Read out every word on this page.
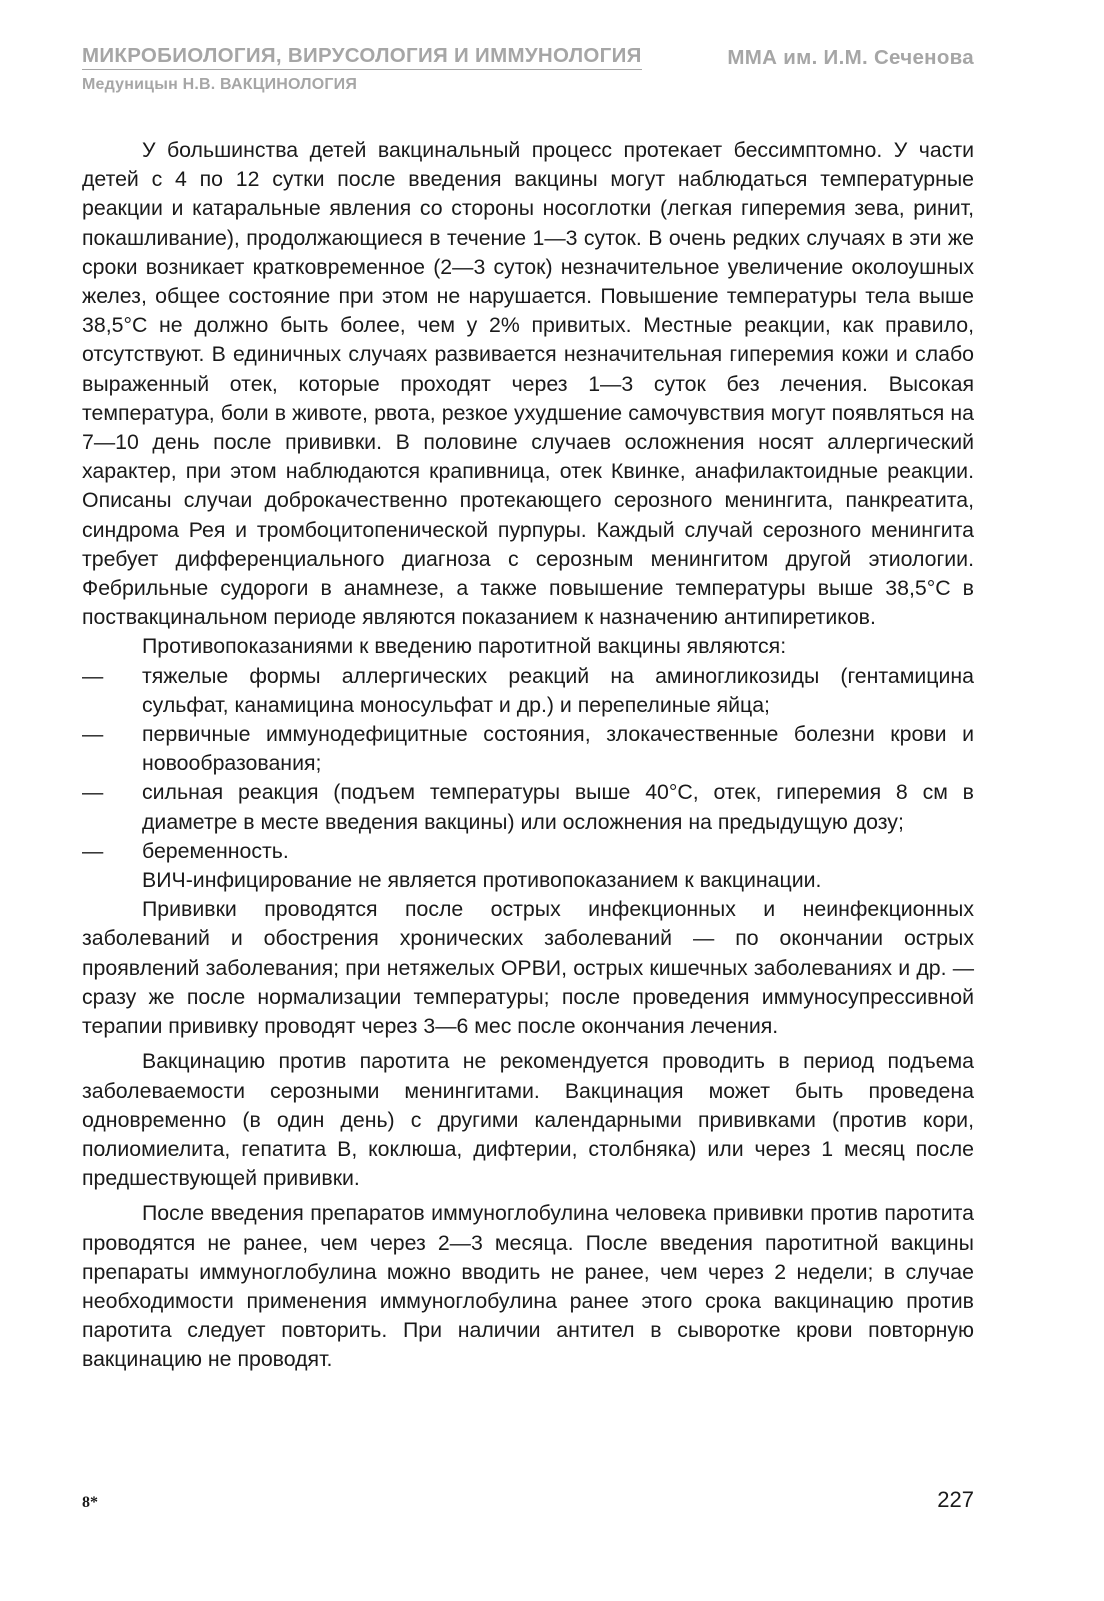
МИКРОБИОЛОГИЯ, ВИРУСОЛОГИЯ И ИММУНОЛОГИЯ	ММА им. И.М. Сеченова
Медуницын Н.В. ВАКЦИНОЛОГИЯ

У большинства детей вакцинальный процесс протекает бессимптомно. У части детей с 4 по 12 сутки после введения вакцины могут наблюдаться температурные реакции и катаральные явления со стороны носоглотки (легкая гиперемия зева, ринит, покашливание), продолжающиеся в течение 1—3 суток. В очень редких случаях в эти же сроки возникает кратковременное (2—3 суток) незначительное увеличение околоушных желез, общее состояние при этом не нарушается. Повышение температуры тела выше 38,5°С не должно быть более, чем у 2% привитых. Местные реакции, как правило, отсутствуют. В единичных случаях развивается незначительная гиперемия кожи и слабо выраженный отек, которые проходят через 1—3 суток без лечения. Высокая температура, боли в животе, рвота, резкое ухудшение самочувствия могут появляться на 7—10 день после прививки. В половине случаев осложнения носят аллергический характер, при этом наблюдаются крапивница, отек Квинке, анафилактоидные реакции. Описаны случаи доброкачественно протекающего серозного менингита, панкреатита, синдрома Рея и тромбоцитопенической пурпуры. Каждый случай серозного менингита требует дифференциального диагноза с серозным менингитом другой этиологии. Фебрильные судороги в анамнезе, а также повышение температуры выше 38,5°С в поствакцинальном периоде являются показанием к назначению антипиретиков.

Противопоказаниями к введению паротитной вакцины являются:

— тяжелые формы аллергических реакций на аминогликозиды (гентамицина сульфат, канамицина моносульфат и др.) и перепелиные яйца;
— первичные иммунодефицитные состояния, злокачественные болезни крови и новообразования;
— сильная реакция (подъем температуры выше 40°С, отек, гиперемия 8 см в диаметре в месте введения вакцины) или осложнения на предыдущую дозу;
— беременность.

ВИЧ-инфицирование не является противопоказанием к вакцинации.

Прививки проводятся после острых инфекционных и неинфекционных заболеваний и обострения хронических заболеваний — по окончании острых проявлений заболевания; при нетяжелых ОРВИ, острых кишечных заболеваниях и др. — сразу же после нормализации температуры; после проведения иммуносупрессивной терапии прививку проводят через 3—6 мес после окончания лечения.

Вакцинацию против паротита не рекомендуется проводить в период подъема заболеваемости серозными менингитами. Вакцинация может быть проведена одновременно (в один день) с другими календарными прививками (против кори, полиомиелита, гепатита В, коклюша, дифтерии, столбняка) или через 1 месяц после предшествующей прививки.

После введения препаратов иммуноглобулина человека прививки против паротита проводятся не ранее, чем через 2—3 месяца. После введения паротитной вакцины препараты иммуноглобулина можно вводить не ранее, чем через 2 недели; в случае необходимости применения иммуноглобулина ранее этого срока вакцинацию против паротита следует повторить. При наличии антител в сыворотке крови повторную вакцинацию не проводят.

8*	227
